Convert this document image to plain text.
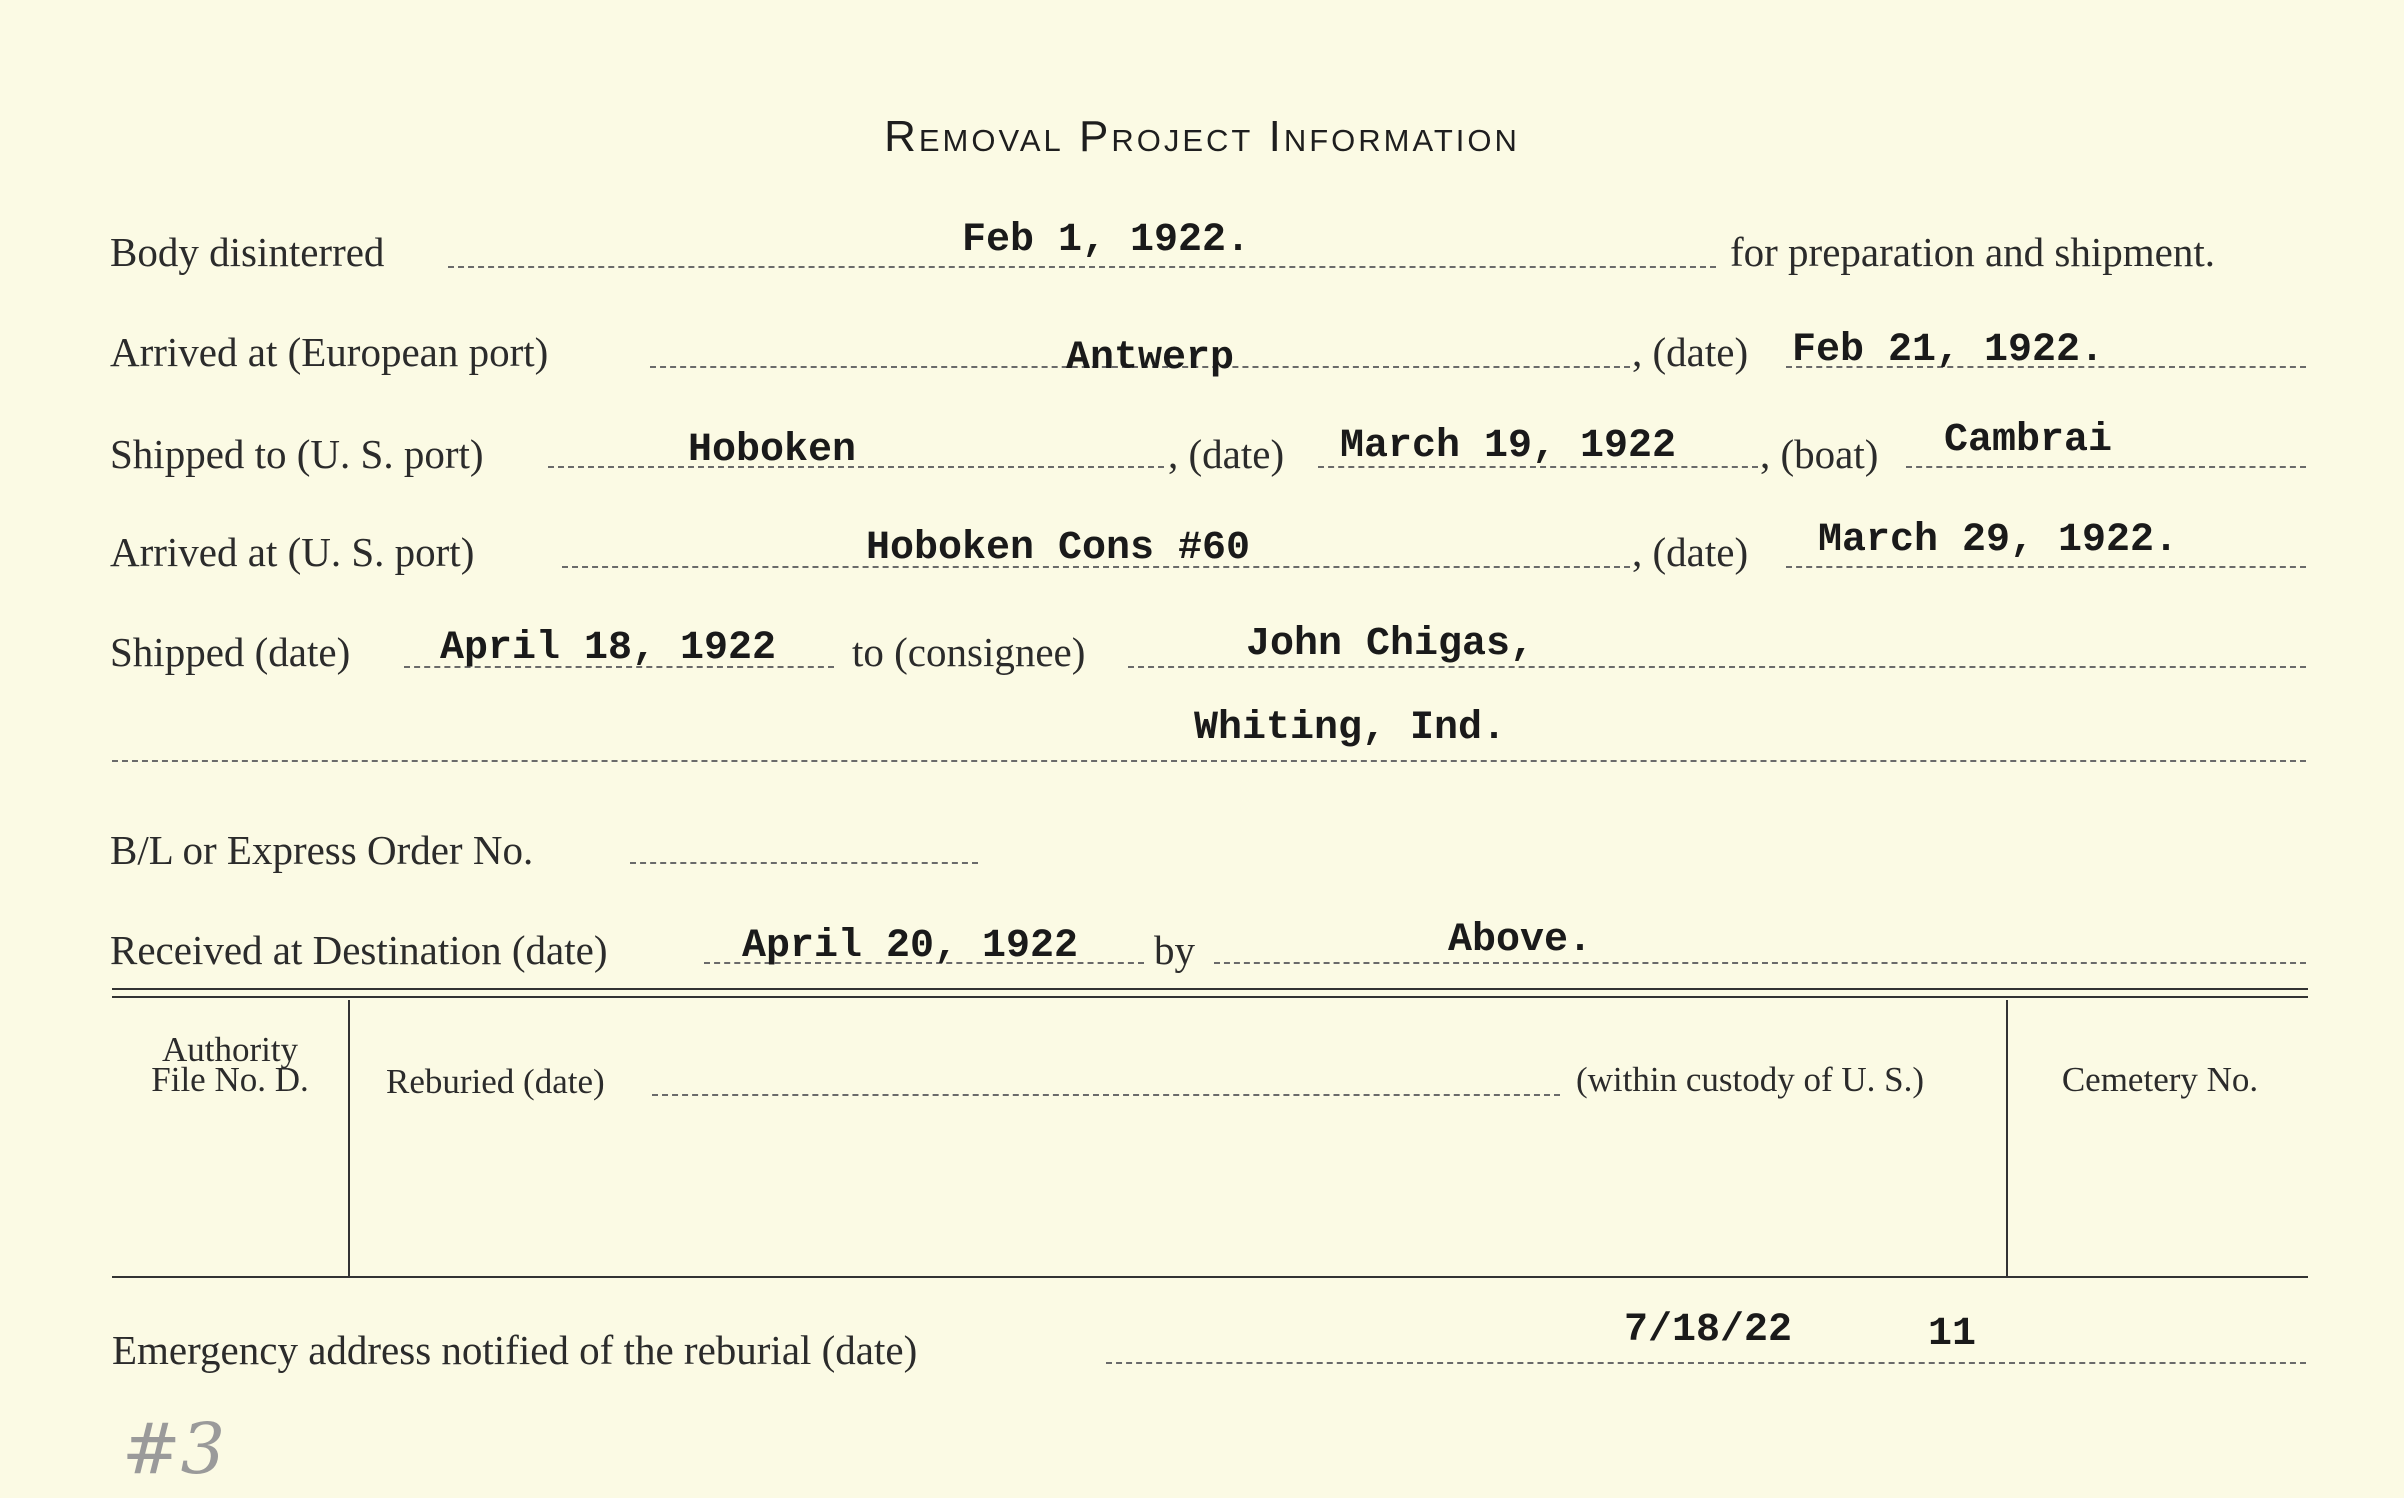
Removal Project Information
Body disinterred	Feb 1, 1922.	for preparation and shipment.
Arrived at (European port)	Antwerp	, (date) Feb 21, 1922.
Shipped to (U. S. port)	Hoboken	, (date) March 19, 1922 , (boat) Cambrai
Arrived at (U. S. port)	Hoboken Cons #60	, (date) March 29, 1922.
Shipped (date) April 18, 1922 to (consignee)	John Chigas,
Whiting, Ind.
B/L or Express Order No.
Received at Destination (date)	April 20, 1922 by	Above.
Authority
File No. D.	Reburied (date)	(within custody of U. S.)	Cemetery No.
Emergency address notified of the reburial (date)	7/18/22	11
#3
